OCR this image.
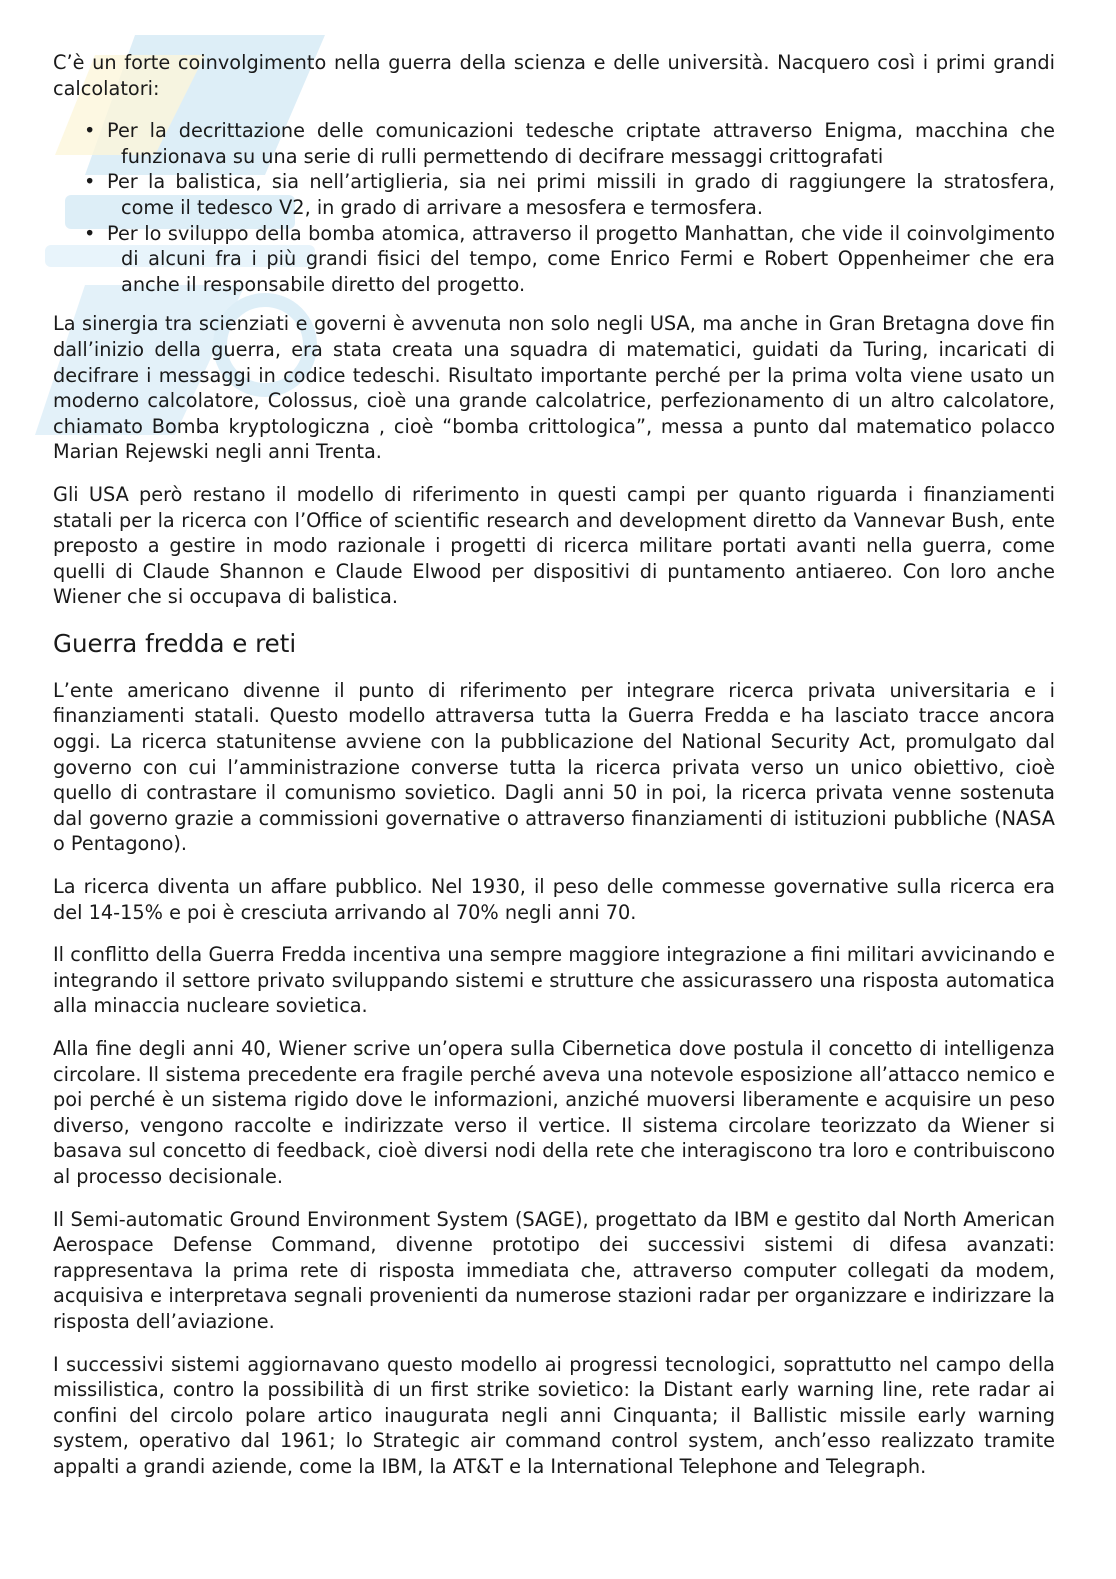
C’è un forte coinvolgimento nella guerra della scienza e delle università. Nacquero così i primi grandi calcolatori:

• Per la decrittazione delle comunicazioni tedesche criptate attraverso Enigma, macchina che funzionava su una serie di rulli permettendo di decifrare messaggi crittografati
• Per la balistica, sia nell’artiglieria, sia nei primi missili in grado di raggiungere la stratosfera, come il tedesco V2, in grado di arrivare a mesosfera e termosfera.
• Per lo sviluppo della bomba atomica, attraverso il progetto Manhattan, che vide il coinvolgimento di alcuni fra i più grandi fisici del tempo, come Enrico Fermi e Robert Oppenheimer che era anche il responsabile diretto del progetto.

La sinergia tra scienziati e governi è avvenuta non solo negli USA, ma anche in Gran Bretagna dove fin dall’inizio della guerra, era stata creata una squadra di matematici, guidati da Turing, incaricati di decifrare i messaggi in codice tedeschi. Risultato importante perché per la prima volta viene usato un moderno calcolatore, Colossus, cioè una grande calcolatrice, perfezionamento di un altro calcolatore, chiamato Bomba kryptologiczna , cioè “bomba crittologica”, messa a punto dal matematico polacco Marian Rejewski negli anni Trenta.

Gli USA però restano il modello di riferimento in questi campi per quanto riguarda i finanziamenti statali per la ricerca con l’Office of scientific research and development diretto da Vannevar Bush, ente preposto a gestire in modo razionale i progetti di ricerca militare portati avanti nella guerra, come quelli di Claude Shannon e Claude Elwood per dispositivi di puntamento antiaereo. Con loro anche Wiener che si occupava di balistica.

Guerra fredda e reti

L’ente americano divenne il punto di riferimento per integrare ricerca privata universitaria e i finanziamenti statali. Questo modello attraversa tutta la Guerra Fredda e ha lasciato tracce ancora oggi. La ricerca statunitense avviene con la pubblicazione del National Security Act, promulgato dal governo con cui l’amministrazione converse tutta la ricerca privata verso un unico obiettivo, cioè quello di contrastare il comunismo sovietico. Dagli anni 50 in poi, la ricerca privata venne sostenuta dal governo grazie a commissioni governative o attraverso finanziamenti di istituzioni pubbliche (NASA o Pentagono).

La ricerca diventa un affare pubblico. Nel 1930, il peso delle commesse governative sulla ricerca era del 14-15% e poi è cresciuta arrivando al 70% negli anni 70.

Il conflitto della Guerra Fredda incentiva una sempre maggiore integrazione a fini militari avvicinando e integrando il settore privato sviluppando sistemi e strutture che assicurassero una risposta automatica alla minaccia nucleare sovietica.

Alla fine degli anni 40, Wiener scrive un’opera sulla Cibernetica dove postula il concetto di intelligenza circolare. Il sistema precedente era fragile perché aveva una notevole esposizione all’attacco nemico e poi perché è un sistema rigido dove le informazioni, anziché muoversi liberamente e acquisire un peso diverso, vengono raccolte e indirizzate verso il vertice. Il sistema circolare teorizzato da Wiener si basava sul concetto di feedback, cioè diversi nodi della rete che interagiscono tra loro e contribuiscono al processo decisionale.

Il Semi-automatic Ground Environment System (SAGE), progettato da IBM e gestito dal North American Aerospace Defense Command, divenne prototipo dei successivi sistemi di difesa avanzati: rappresentava la prima rete di risposta immediata che, attraverso computer collegati da modem, acquisiva e interpretava segnali provenienti da numerose stazioni radar per organizzare e indirizzare la risposta dell’aviazione.

I successivi sistemi aggiornavano questo modello ai progressi tecnologici, soprattutto nel campo della missilistica, contro la possibilità di un first strike sovietico: la Distant early warning line, rete radar ai confini del circolo polare artico inaugurata negli anni Cinquanta; il Ballistic missile early warning system, operativo dal 1961; lo Strategic air command control system, anch’esso realizzato tramite appalti a grandi aziende, come la IBM, la AT&T e la International Telephone and Telegraph.
